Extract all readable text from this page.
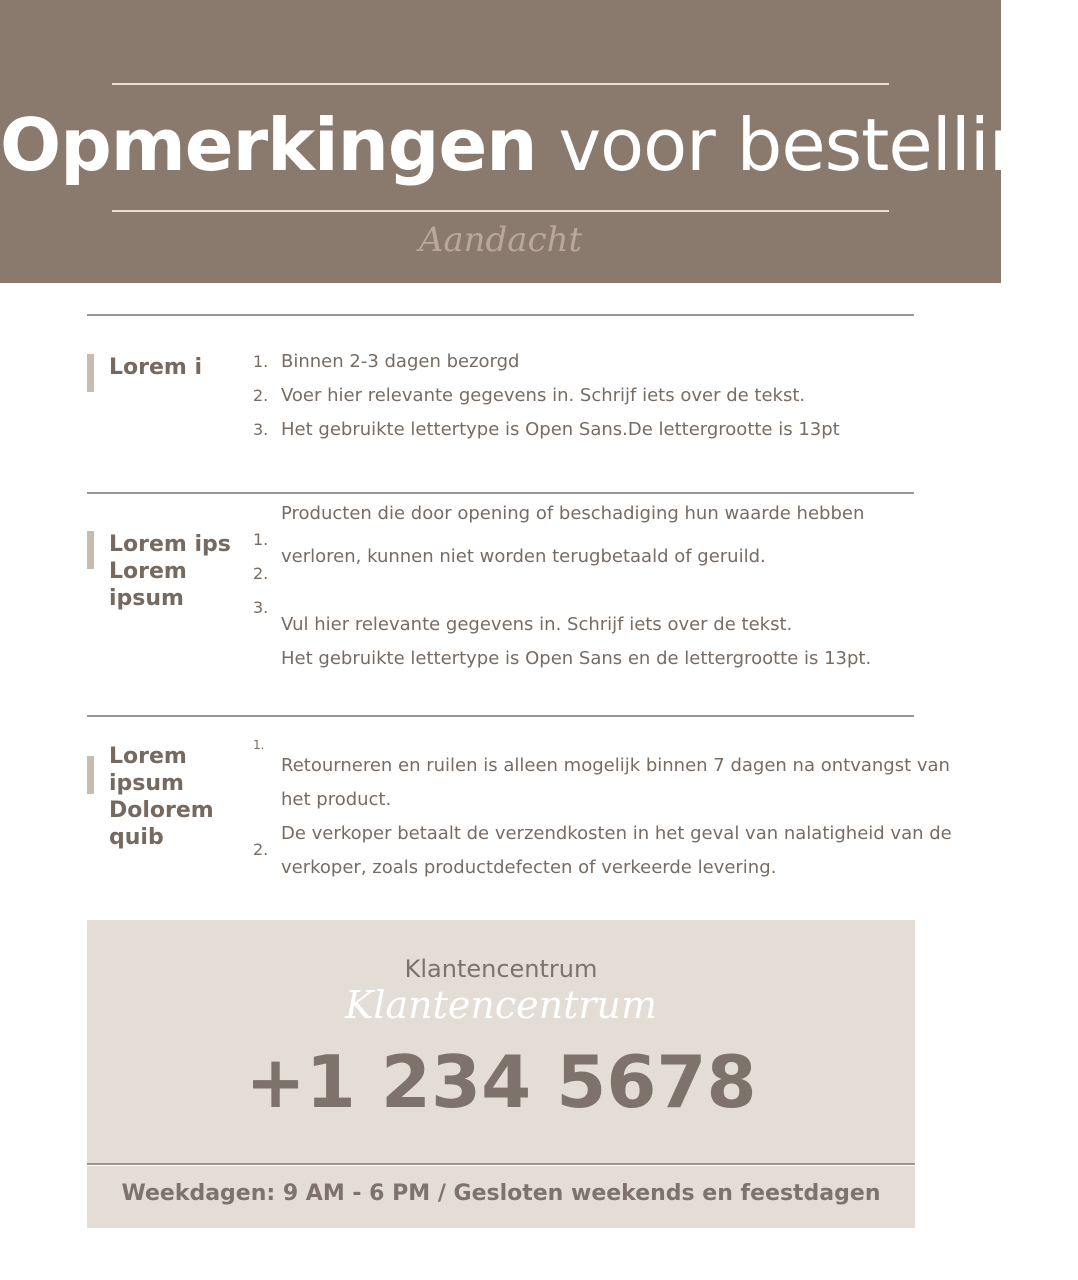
Opmerkingen voor bestelling
Aandacht
Lorem i	1.
2.
3.
Binnen 2-3 dagen bezorgd
Voer hier relevante gegevens in. Schrijf iets over de tekst.
Het gebruikte lettertype is Open Sans.De lettergrootte is 13pt
Lorem ips Lorem ipsum
1.
2.
3.
Producten die door opening of beschadiging hun waarde hebben
verloren, kunnen niet worden terugbetaald of geruild.
Vul hier relevante gegevens in. Schrijf iets over de tekst.
Het gebruikte lettertype is Open Sans en de lettergrootte is 13pt.
Lorem ipsum Dolorem quib
1.
2.
Retourneren en ruilen is alleen mogelijk binnen 7 dagen na ontvangst van
het product.
De verkoper betaalt de verzendkosten in het geval van nalatigheid van de
verkoper, zoals productdefecten of verkeerde levering.
Klantencentrum
Klantencentrum
+1 234 5678
Weekdagen: 9 AM - 6 PM / Gesloten weekends en feestdagen
